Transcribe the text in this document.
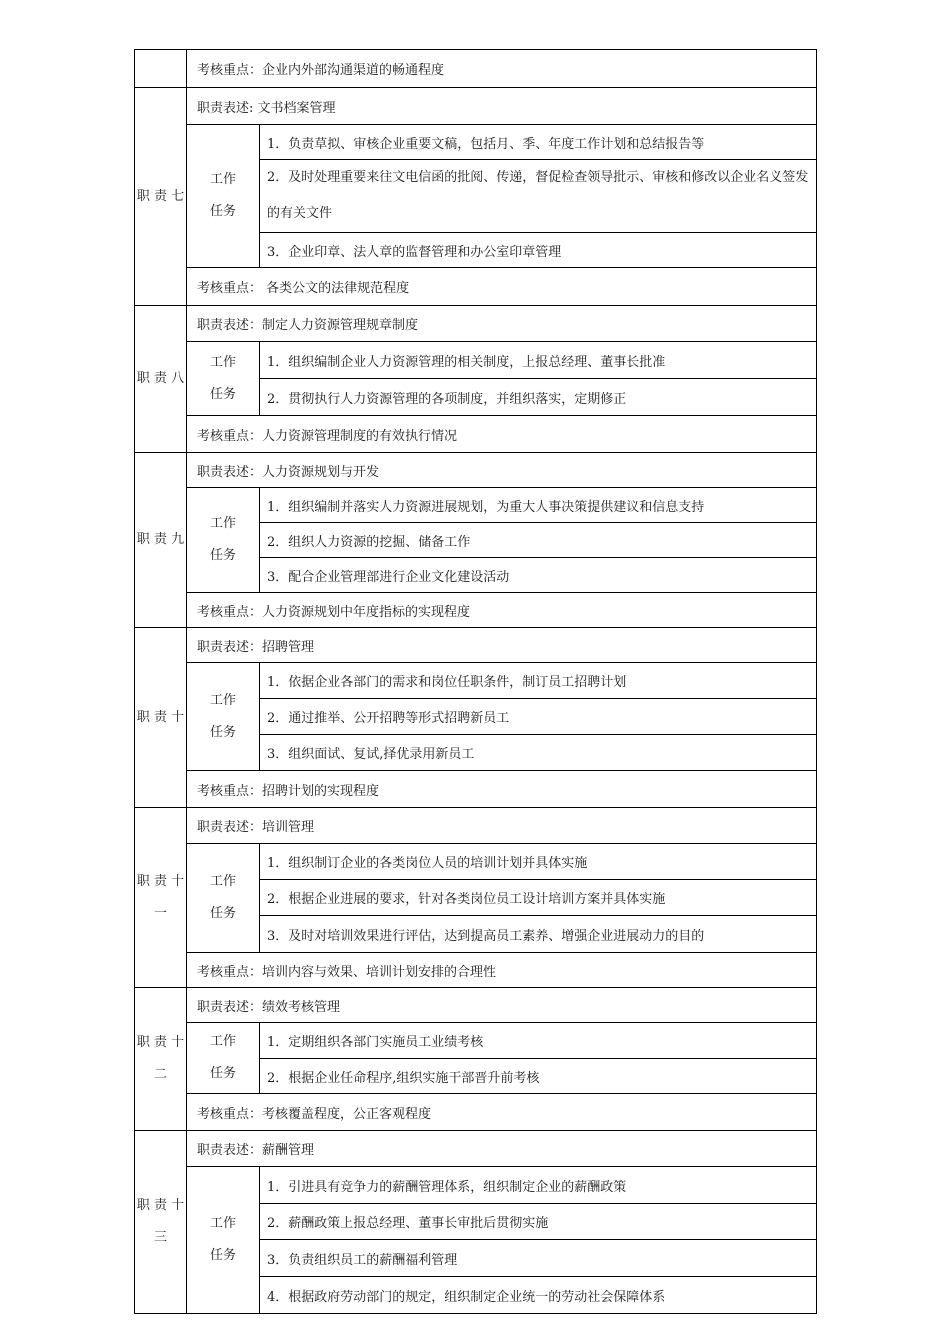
	考核重点：企业内外部沟通渠道的畅通程度	
职 责 七	职责表述: 文书档案管理	

	工作
任务	1．负责草拟、审核企业重要文稿，包括月、季、年度工作计划和总结报告等
		2．及时处理重要来往文电信函的批阅、传递，督促检查领导批示、审核和修改以企业名义签发的有关文件
		3．企业印章、法人章的监督管理和办公室印章管理
	考核重点： 各类公文的法律规范程度	
职 责 八	职责表述：制定人力资源管理规章制度	

	工作
任务	1．组织编制企业人力资源管理的相关制度，上报总经理、董事长批准
		2．贯彻执行人力资源管理的各项制度，并组织落实，定期修正
	考核重点：人力资源管理制度的有效执行情况	
职 责 九	职责表述：人力资源规划与开发	

	工作
任务	1．组织编制并落实人力资源进展规划，为重大人事决策提供建议和信息支持
		2．组织人力资源的挖掘、储备工作
		3．配合企业管理部进行企业文化建设活动
	考核重点：人力资源规划中年度指标的实现程度	
职 责 十	职责表述：招聘管理	

	工作
任务	1．依据企业各部门的需求和岗位任职条件，制订员工招聘计划
		2．通过推举、公开招聘等形式招聘新员工
		3．组织面试、复试,择优录用新员工
	考核重点：招聘计划的实现程度	
职 责 十 一	职责表述：培训管理	

	工作
任务	1．组织制订企业的各类岗位人员的培训计划并具体实施
		2．根据企业进展的要求，针对各类岗位员工设计培训方案并具体实施
		3．及时对培训效果进行评估，达到提高员工素养、增强企业进展动力的目的
	考核重点：培训内容与效果、培训计划安排的合理性	
职 责 十 二	职责表述：绩效考核管理	

	工作
任务	1．定期组织各部门实施员工业绩考核
		2．根据企业任命程序,组织实施干部晋升前考核
	考核重点：考核覆盖程度，公正客观程度	
职 责 十 三	职责表述：薪酬管理	

	工作
任务	1．引进具有竞争力的薪酬管理体系，组织制定企业的薪酬政策
		2．薪酬政策上报总经理、董事长审批后贯彻实施
		3．负责组织员工的薪酬福利管理
		4．根据政府劳动部门的规定，组织制定企业统一的劳动社会保障体系
